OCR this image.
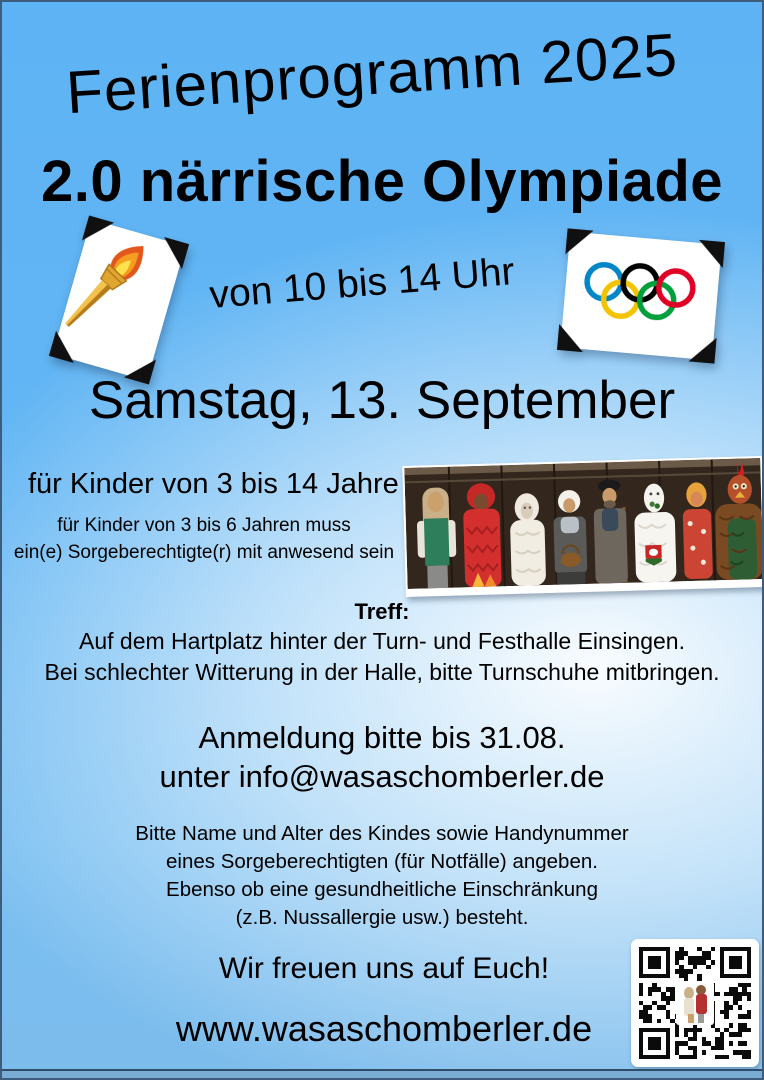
Ferienprogramm 2025
2.0 närrische Olympiade
von 10 bis 14 Uhr
Samstag, 13. September
für Kinder von 3 bis 14 Jahre
für Kinder von 3 bis 6 Jahren muss
ein(e) Sorgeberechtigte(r) mit anwesend sein
Treff:
Auf dem Hartplatz hinter der Turn- und Festhalle Einsingen.
Bei schlechter Witterung in der Halle, bitte Turnschuhe mitbringen.
Anmeldung bitte bis 31.08.
unter info@wasaschomberler.de
Bitte Name und Alter des Kindes sowie Handynummer
eines Sorgeberechtigten (für Notfälle) angeben.
Ebenso ob eine gesundheitliche Einschränkung
(z.B. Nussallergie usw.) besteht.
Wir freuen uns auf Euch!
www.wasaschomberler.de
